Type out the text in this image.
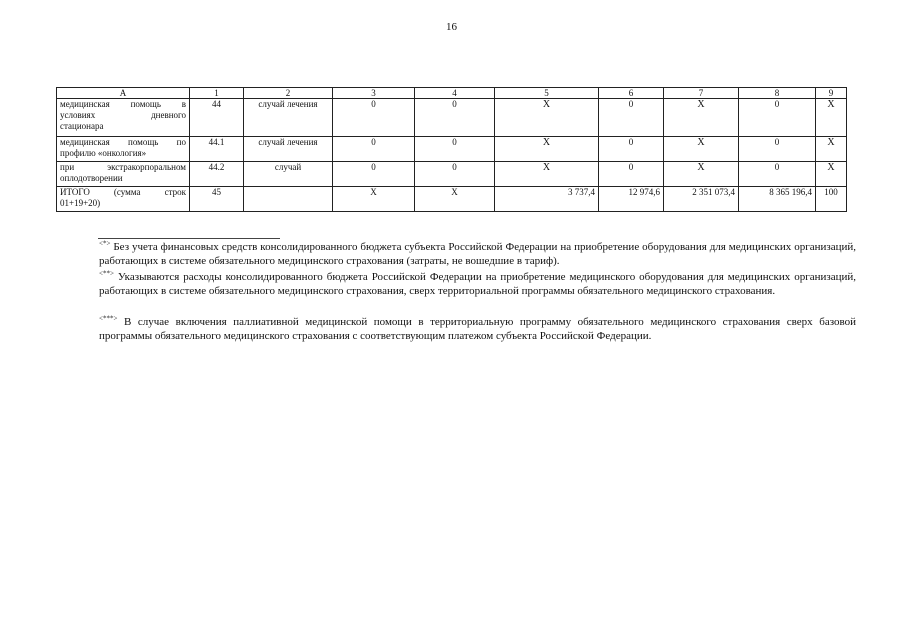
16
А	1	2	3	4	5	6	7	8	9

медицинская помощь в
условиях дневного
стационара	44	случай лечения	0	0	Х	0	Х	0	Х

медицинская помощь по
профилю «онкология»	44.1	случай лечения	0	0	Х	0	Х	0	Х

при экстракорпоральном
оплодотворении	44.2	случай	0	0	Х	0	Х	0	Х

ИТОГО (сумма строк
01+19+20)	45		Х	Х	3 737,4	12 974,6	2 351 073,4	8 365 196,4	100
<*> Без учета финансовых средств консолидированного бюджета субъекта Российской Федерации на приобретение оборудования для медицинских организаций, работающих в системе обязательного медицинского страхования (затраты, не вошедшие в тариф).
<**> Указываются расходы консолидированного бюджета Российской Федерации на приобретение медицинского оборудования для медицинских организаций, работающих в системе обязательного медицинского страхования, сверх территориальной программы обязательного медицинского страхования.
<***> В случае включения паллиативной медицинской помощи в территориальную программу обязательного медицинского страхования сверх базовой программы обязательного медицинского страхования с соответствующим платежом субъекта Российской Федерации.
